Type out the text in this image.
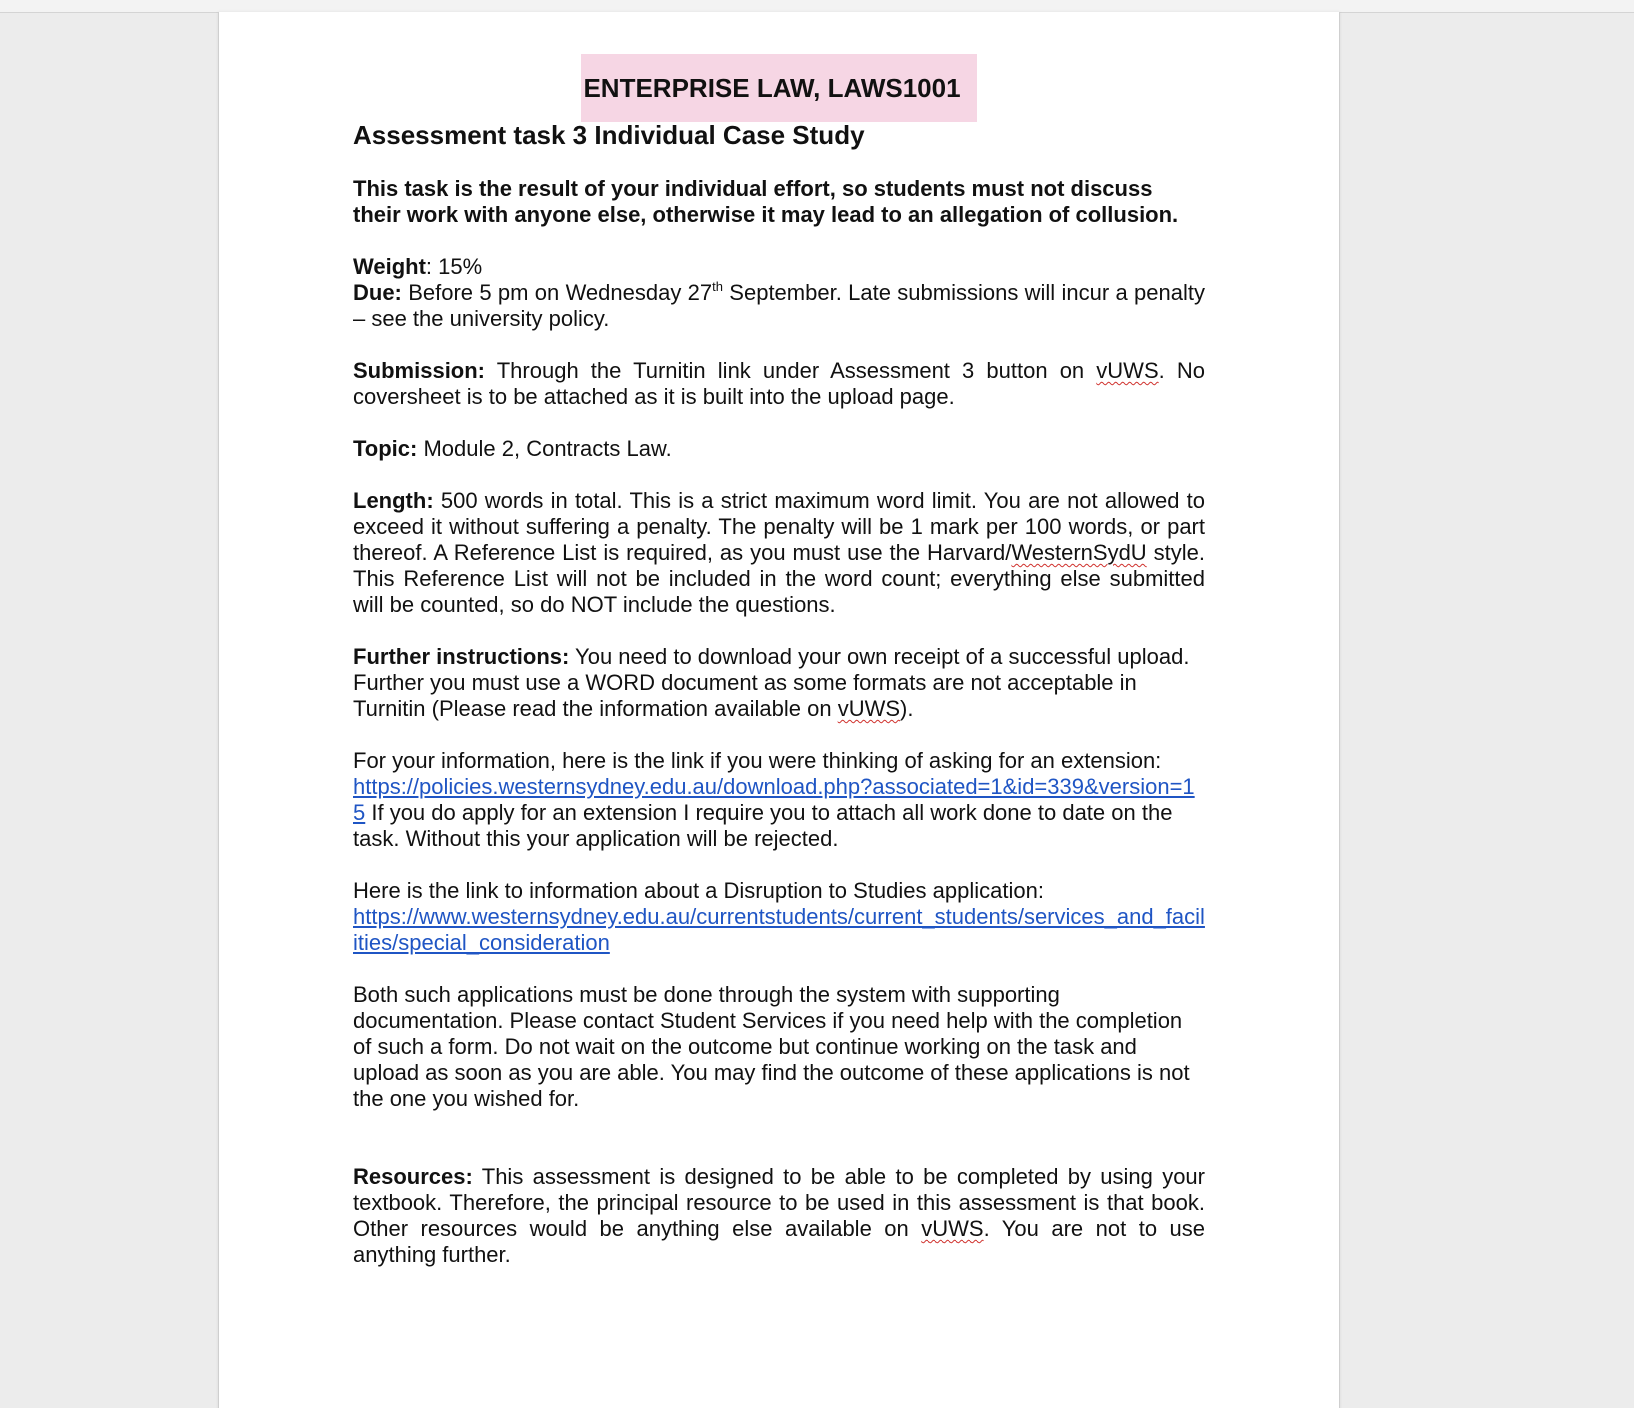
ENTERPRISE LAW, LAWS1001
Assessment task 3 Individual Case Study

This task is the result of your individual effort, so students must not discuss their work with anyone else, otherwise it may lead to an allegation of collusion.

Weight: 15%

Due: Before 5 pm on Wednesday 27th September. Late submissions will incur a penalty – see the university policy.

Submission: Through the Turnitin link under Assessment 3 button on vUWS. No coversheet is to be attached as it is built into the upload page.

Topic: Module 2, Contracts Law.

Length: 500 words in total. This is a strict maximum word limit. You are not allowed to exceed it without suffering a penalty. The penalty will be 1 mark per 100 words, or part thereof. A Reference List is required, as you must use the Harvard/WesternSydU style. This Reference List will not be included in the word count; everything else submitted will be counted, so do NOT include the questions.

Further instructions: You need to download your own receipt of a successful upload. Further you must use a WORD document as some formats are not acceptable in Turnitin (Please read the information available on vUWS).

For your information, here is the link if you were thinking of asking for an extension:
https://policies.westernsydney.edu.au/download.php?associated=1&id=339&version=15 If you do apply for an extension I require you to attach all work done to date on the task. Without this your application will be rejected.

Here is the link to information about a Disruption to Studies application:
https://www.westernsydney.edu.au/currentstudents/current_students/services_and_facilities/special_consideration

Both such applications must be done through the system with supporting documentation. Please contact Student Services if you need help with the completion of such a form. Do not wait on the outcome but continue working on the task and upload as soon as you are able. You may find the outcome of these applications is not the one you wished for.

Resources: This assessment is designed to be able to be completed by using your textbook. Therefore, the principal resource to be used in this assessment is that book. Other resources would be anything else available on vUWS. You are not to use anything further.
